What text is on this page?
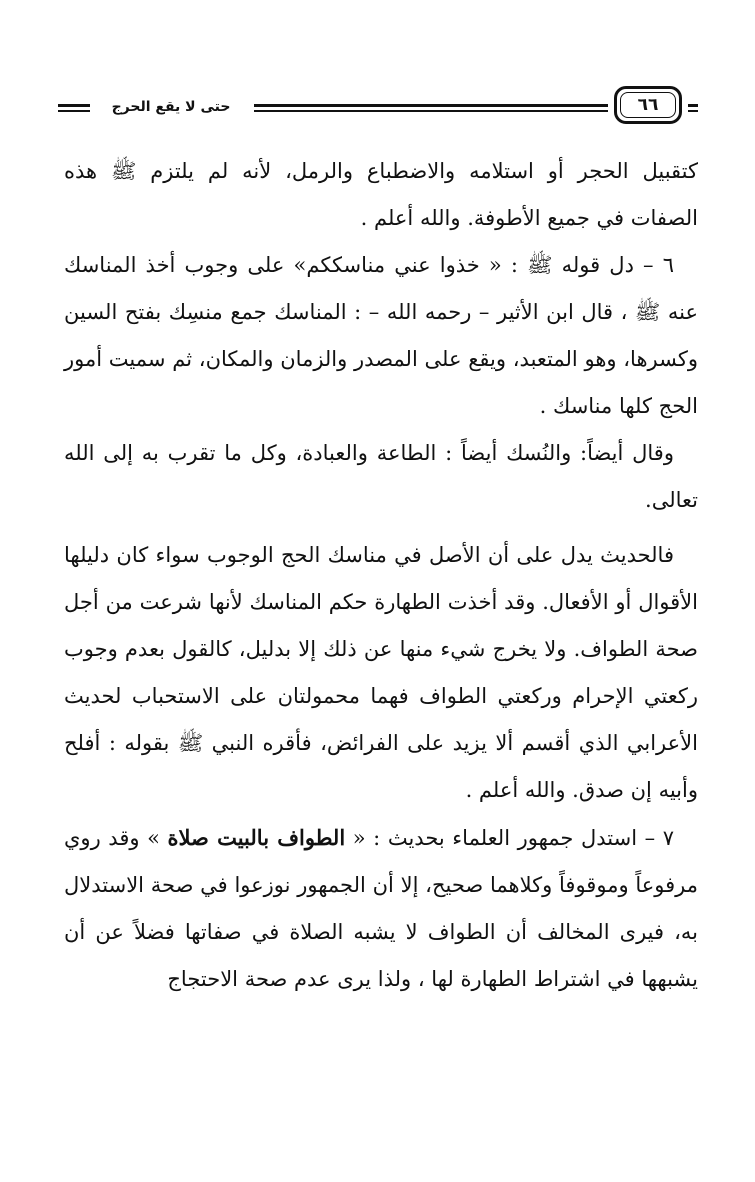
حتى لا يقع الحرج	٦٦

كتقبيل الحجر أو استلامه والاضطباع والرمل، لأنه لم يلتزم ﷺ هذه الصفات في جميع الأطوفة. والله أعلم .

٦ – دل قوله ﷺ : « خذوا عني مناسككم» على وجوب أخذ المناسك عنه ﷺ ، قال ابن الأثير – رحمه الله – : المناسك جمع منسِك بفتح السين وكسرها، وهو المتعبد، ويقع على المصدر والزمان والمكان، ثم سميت أمور الحج كلها مناسك .

وقال أيضاً: والنُسك أيضاً : الطاعة والعبادة، وكل ما تقرب به إلى الله تعالى.

فالحديث يدل على أن الأصل في مناسك الحج الوجوب سواء كان دليلها الأقوال أو الأفعال. وقد أخذت الطهارة حكم المناسك لأنها شرعت من أجل صحة الطواف. ولا يخرج شيء منها عن ذلك إلا بدليل، كالقول بعدم وجوب ركعتي الإحرام وركعتي الطواف فهما محمولتان على الاستحباب لحديث الأعرابي الذي أقسم ألا يزيد على الفرائض، فأقره النبي ﷺ بقوله : أفلح وأبيه إن صدق. والله أعلم .

٧ – استدل جمهور العلماء بحديث : « الطواف بالبيت صلاة » وقد روي مرفوعاً وموقوفاً وكلاهما صحيح، إلا أن الجمهور نوزعوا في صحة الاستدلال به، فيرى المخالف أن الطواف لا يشبه الصلاة في صفاتها فضلاً عن أن يشبهها في اشتراط الطهارة لها ، ولذا يرى عدم صحة الاحتجاج
